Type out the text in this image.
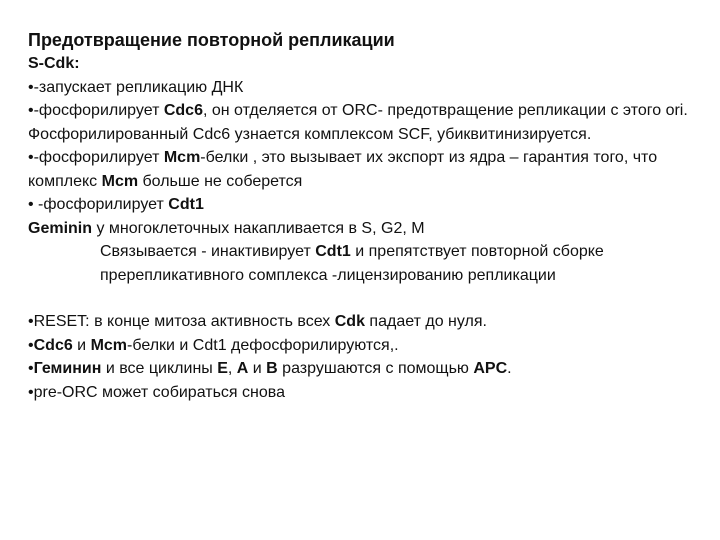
Предотвращение повторной репликации

S-Cdk:

•-запускает репликацию ДНК

•-фосфорилирует Cdc6, он отделяется от ORC- предотвращение репликации с этого ori. Фосфорилированный Cdc6 узнается комплексом SCF, убиквитинизируется.

•-фосфорилирует Mcm-белки , это вызывает их экспорт из ядра – гарантия того, что комплекс Mcm больше не соберется

• -фосфорилирует Cdt1

Geminin у многоклеточных накапливается в S, G2, M

Связывается - инактивирует Cdt1 и препятствует повторной сборке пререпликативного сомплекса -лицензированию репликации

•RESET: в конце митоза активность всех Cdk падает до нуля.

•Cdc6 и Mcm-белки и Cdt1 дефосфорилируются,.

•Геминин и все циклины E, A и B разрушаются с помощью APC.

•pre-ORC может собираться снова
